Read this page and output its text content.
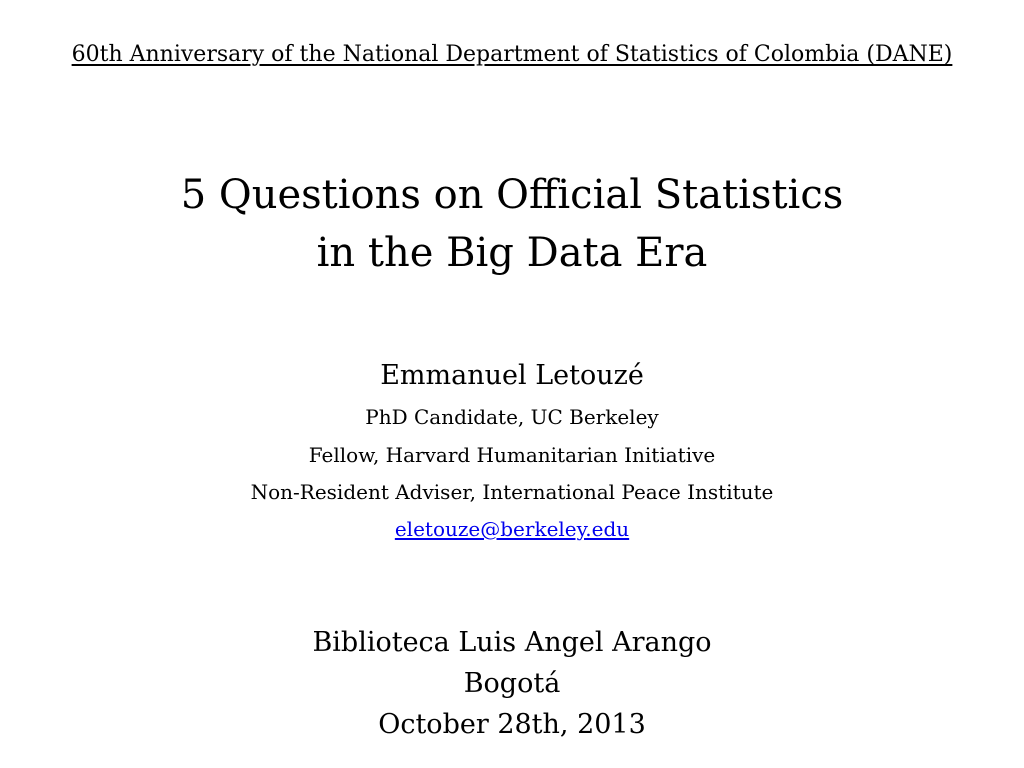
60th Anniversary of the National Department of Statistics of Colombia (DANE)
5 Questions on Official Statistics
in the Big Data Era
Emmanuel Letouzé
PhD Candidate, UC Berkeley
Fellow, Harvard Humanitarian Initiative
Non-Resident Adviser, International Peace Institute
eletouze@berkeley.edu
Biblioteca Luis Angel Arango
Bogotá
October 28th, 2013
